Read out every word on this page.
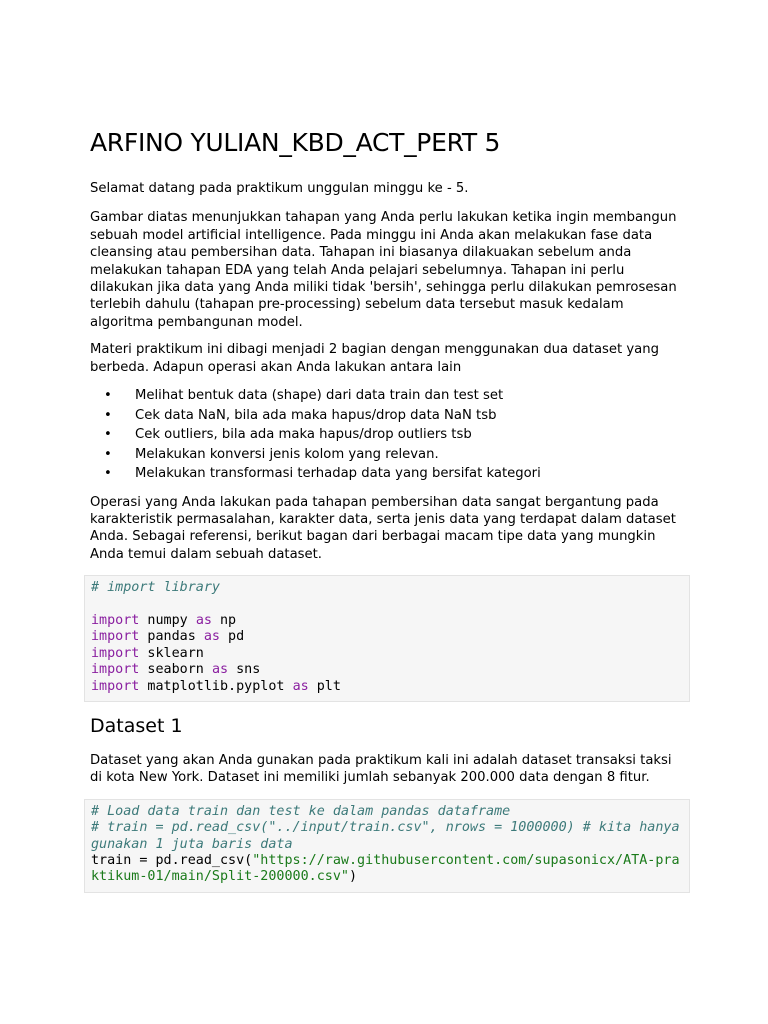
ARFINO YULIAN_KBD_ACT_PERT 5

Selamat datang pada praktikum unggulan minggu ke - 5.

Gambar diatas menunjukkan tahapan yang Anda perlu lakukan ketika ingin membangun sebuah model artificial intelligence. Pada minggu ini Anda akan melakukan fase data cleansing atau pembersihan data. Tahapan ini biasanya dilakuakan sebelum anda melakukan tahapan EDA yang telah Anda pelajari sebelumnya. Tahapan ini perlu dilakukan jika data yang Anda miliki tidak 'bersih', sehingga perlu dilakukan pemrosesan terlebih dahulu (tahapan pre-processing) sebelum data tersebut masuk kedalam algoritma pembangunan model.

Materi praktikum ini dibagi menjadi 2 bagian dengan menggunakan dua dataset yang berbeda. Adapun operasi akan Anda lakukan antara lain

• Melihat bentuk data (shape) dari data train dan test set
• Cek data NaN, bila ada maka hapus/drop data NaN tsb
• Cek outliers, bila ada maka hapus/drop outliers tsb
• Melakukan konversi jenis kolom yang relevan.
• Melakukan transformasi terhadap data yang bersifat kategori

Operasi yang Anda lakukan pada tahapan pembersihan data sangat bergantung pada karakteristik permasalahan, karakter data, serta jenis data yang terdapat dalam dataset Anda. Sebagai referensi, berikut bagan dari berbagai macam tipe data yang mungkin Anda temui dalam sebuah dataset.

# import library
import numpy as np
import pandas as pd
import sklearn
import seaborn as sns
import matplotlib.pyplot as plt
Dataset 1

Dataset yang akan Anda gunakan pada praktikum kali ini adalah dataset transaksi taksi di kota New York. Dataset ini memiliki jumlah sebanyak 200.000 data dengan 8 fitur.

# Load data train dan test ke dalam pandas dataframe
# train = pd.read_csv("../input/train.csv", nrows = 1000000) # kita hanya gunakan 1 juta baris data
train = pd.read_csv("https://raw.githubusercontent.com/supasonicx/ATA-praktikum-01/main/Split-200000.csv")
